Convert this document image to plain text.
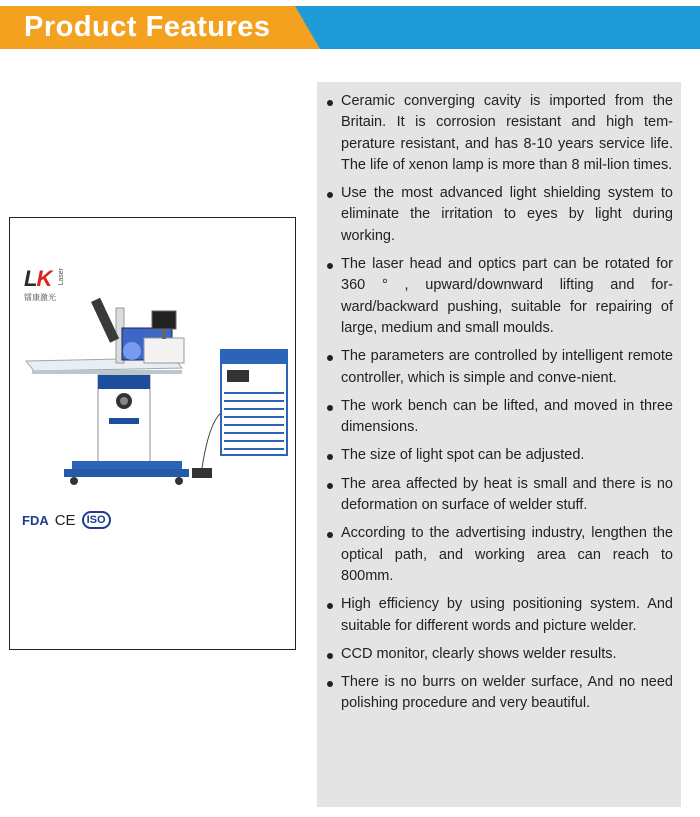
Product Features
LK Laser
镭康激光
FDA CE	ISO
Ceramic converging cavity is imported from the Britain. It is corrosion resistant and high tem-perature resistant, and has 8-10 years service life. The life of xenon lamp is more than 8 mil-lion times.
Use the most advanced light shielding system to eliminate the irritation to eyes by light during working.
The laser head and optics part can be rotated for 360 ° , upward/downward lifting and for-ward/backward pushing, suitable for repairing of large, medium and small moulds.
The parameters are controlled by intelligent remote controller, which is simple and conve-nient.
The work bench can be lifted, and moved in three dimensions.
The size of light spot can be adjusted.
The area affected by heat is small and there is no deformation on surface of welder stuff.
According to the advertising industry, lengthen the optical path, and working area can reach to 800mm.
High efficiency by using positioning system. And suitable for different words and picture welder.
CCD monitor, clearly shows welder results.
There is no burrs on welder surface, And no need polishing procedure and very beautiful.
